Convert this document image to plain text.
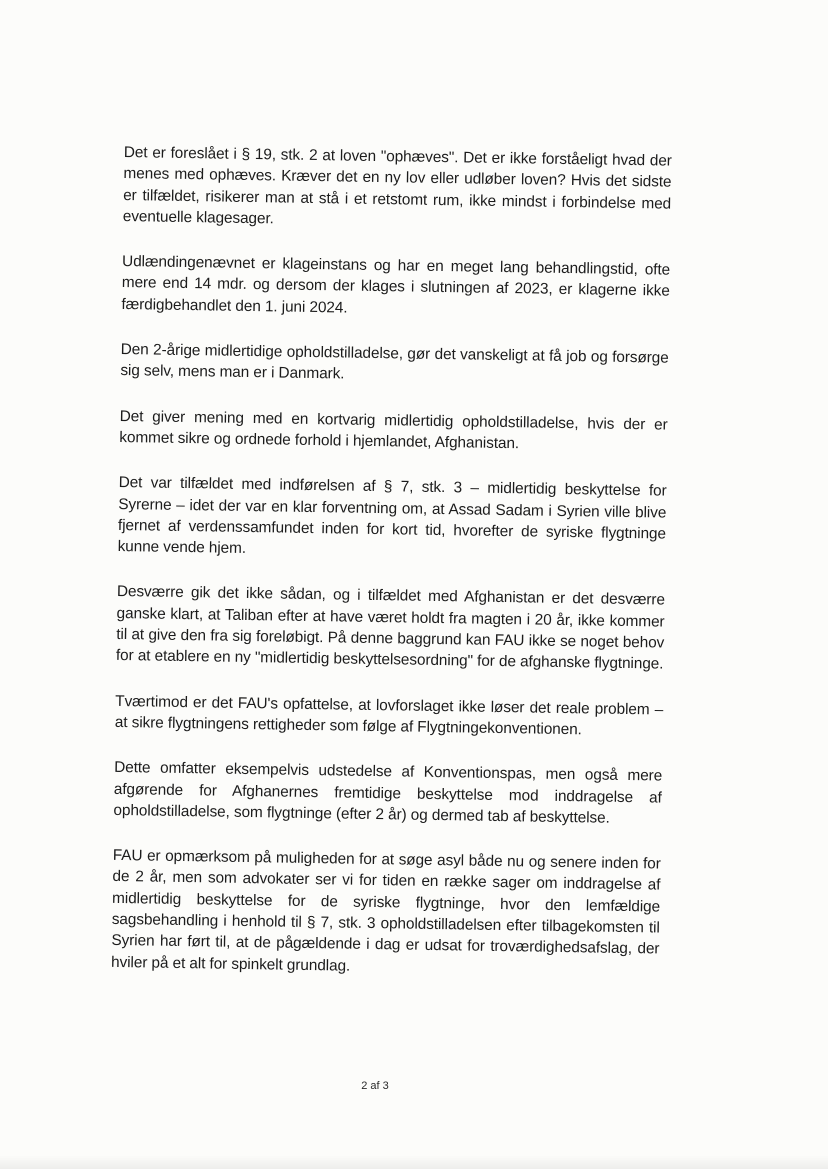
Det er foreslået i § 19, stk. 2 at loven "ophæves". Det er ikke forståeligt hvad der menes med ophæves. Kræver det en ny lov eller udløber loven? Hvis det sidste er tilfældet, risikerer man at stå i et retstomt rum, ikke mindst i forbindelse med eventuelle klagesager.

Udlændingenævnet er klageinstans og har en meget lang behandlingstid, ofte mere end 14 mdr. og dersom der klages i slutningen af 2023, er klagerne ikke færdigbehandlet den 1. juni 2024.

Den 2-årige midlertidige opholdstilladelse, gør det vanskeligt at få job og forsørge sig selv, mens man er i Danmark.

Det giver mening med en kortvarig midlertidig opholdstilladelse, hvis der er kommet sikre og ordnede forhold i hjemlandet, Afghanistan.

Det var tilfældet med indførelsen af § 7, stk. 3 – midlertidig beskyttelse for Syrerne – idet der var en klar forventning om, at Assad Sadam i Syrien ville blive fjernet af verdenssamfundet inden for kort tid, hvorefter de syriske flygtninge kunne vende hjem.

Desværre gik det ikke sådan, og i tilfældet med Afghanistan er det desværre ganske klart, at Taliban efter at have været holdt fra magten i 20 år, ikke kommer til at give den fra sig foreløbigt. På denne baggrund kan FAU ikke se noget behov for at etablere en ny "midlertidig beskyttelsesordning" for de afghanske flygtninge.

Tværtimod er det FAU's opfattelse, at lovforslaget ikke løser det reale problem – at sikre flygtningens rettigheder som følge af Flygtningekonventionen.

Dette omfatter eksempelvis udstedelse af Konventionspas, men også mere afgørende for Afghanernes fremtidige beskyttelse mod inddragelse af opholdstilladelse, som flygtninge (efter 2 år) og dermed tab af beskyttelse.

FAU er opmærksom på muligheden for at søge asyl både nu og senere inden for de 2 år, men som advokater ser vi for tiden en række sager om inddragelse af midlertidig beskyttelse for de syriske flygtninge, hvor den lemfældige sagsbehandling i henhold til § 7, stk. 3 opholdstilladelsen efter tilbagekomsten til Syrien har ført til, at de pågældende i dag er udsat for troværdighedsafslag, der hviler på et alt for spinkelt grundlag.

2 af 3
